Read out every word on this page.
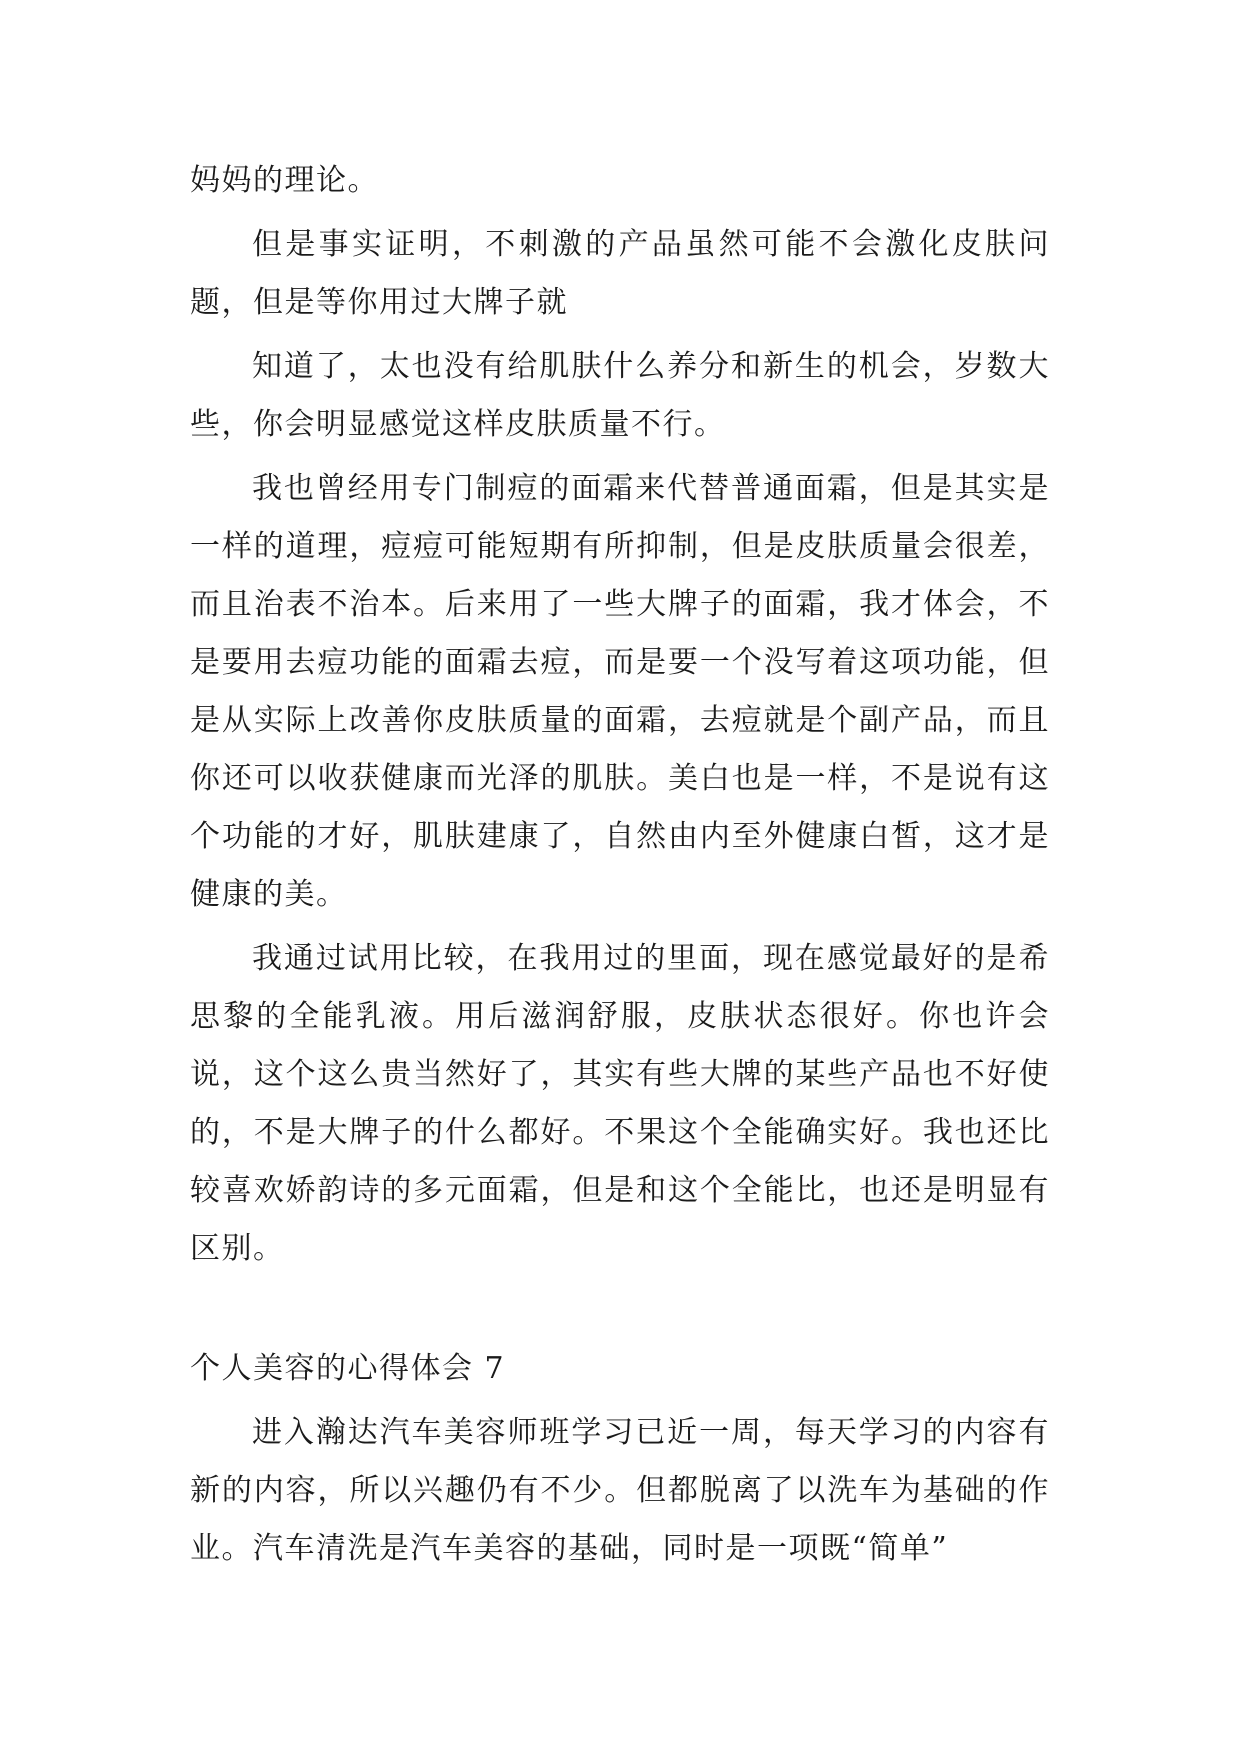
妈妈的理论。

但是事实证明，不刺激的产品虽然可能不会激化皮肤问题，但是等你用过大牌子就

知道了，太也没有给肌肤什么养分和新生的机会，岁数大些，你会明显感觉这样皮肤质量不行。

我也曾经用专门制痘的面霜来代替普通面霜，但是其实是一样的道理，痘痘可能短期有所抑制，但是皮肤质量会很差，而且治表不治本。后来用了一些大牌子的面霜，我才体会，不是要用去痘功能的面霜去痘，而是要一个没写着这项功能，但是从实际上改善你皮肤质量的面霜，去痘就是个副产品，而且你还可以收获健康而光泽的肌肤。美白也是一样，不是说有这个功能的才好，肌肤建康了，自然由内至外健康白皙，这才是健康的美。

我通过试用比较，在我用过的里面，现在感觉最好的是希思黎的全能乳液。用后滋润舒服，皮肤状态很好。你也许会说，这个这么贵当然好了，其实有些大牌的某些产品也不好使的，不是大牌子的什么都好。不果这个全能确实好。我也还比较喜欢娇韵诗的多元面霜，但是和这个全能比，也还是明显有区别。

个人美容的心得体会 7

进入瀚达汽车美容师班学习已近一周，每天学习的内容有新的内容，所以兴趣仍有不少。但都脱离了以洗车为基础的作业。汽车清洗是汽车美容的基础，同时是一项既“简单”
